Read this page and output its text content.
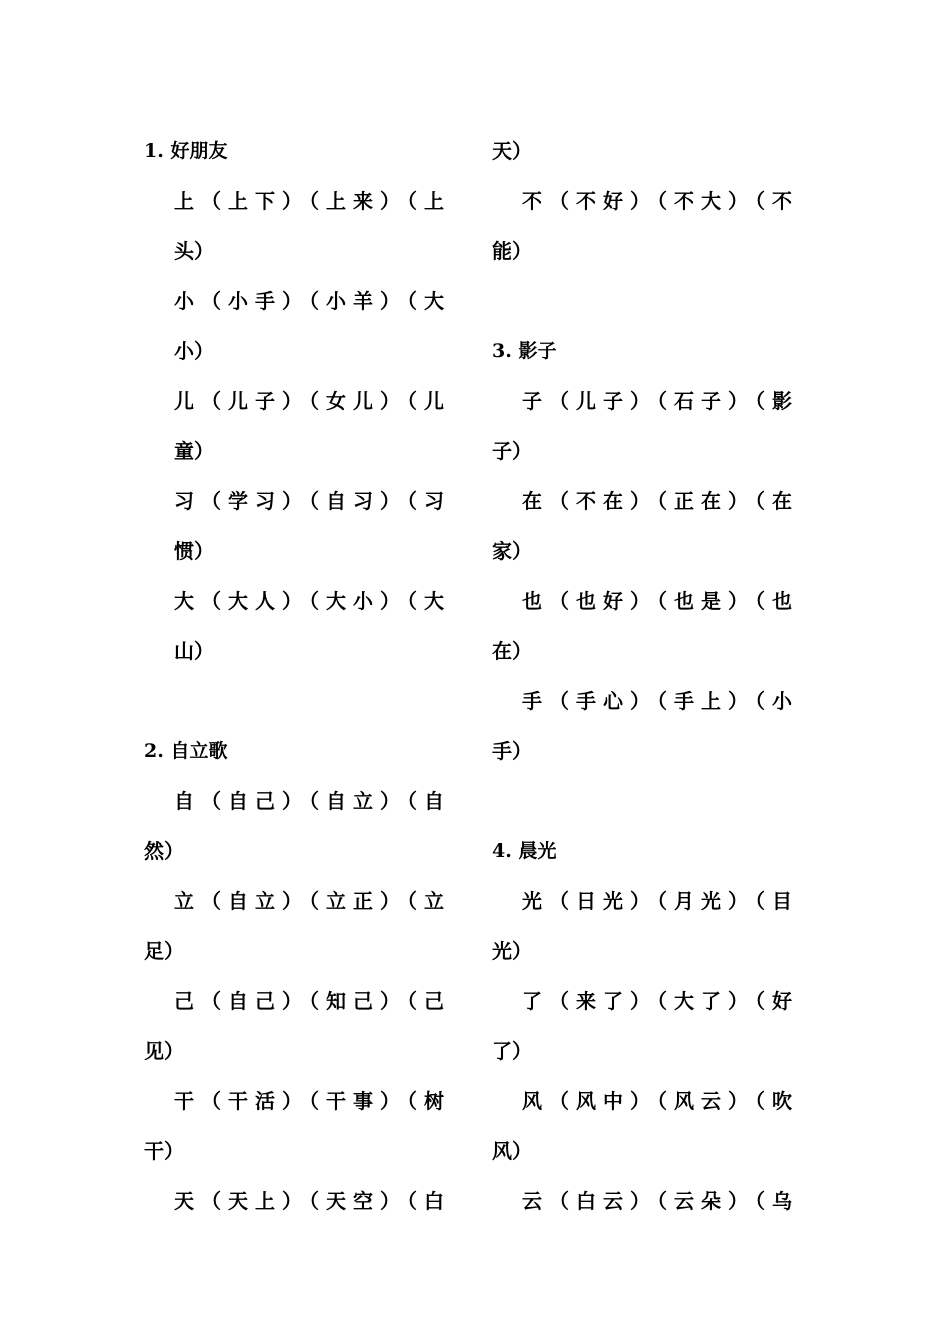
1. 好朋友
上（上下）（上来）（上
头）
小（小手）（小羊）（大
小）
儿（儿子）（女儿）（儿
童）
习（学习）（自习）（习
惯）
大（大人）（大小）（大
山）
2. 自立歌
自（自己）（自立）（自
然）
立（自立）（立正）（立
足）
己（自己）（知己）（己
见）
干（干活）（干事）（树
干）
天（天上）（天空）（白
天）
不（不好）（不大）（不
能）
3. 影子
子（儿子）（石子）（影
子）
在（不在）（正在）（在
家）
也（也好）（也是）（也
在）
手（手心）（手上）（小
手）
4. 晨光
光（日光）（月光）（目
光）
了（来了）（大了）（好
了）
风（风中）（风云）（吹
风）
云（白云）（云朵）（乌
